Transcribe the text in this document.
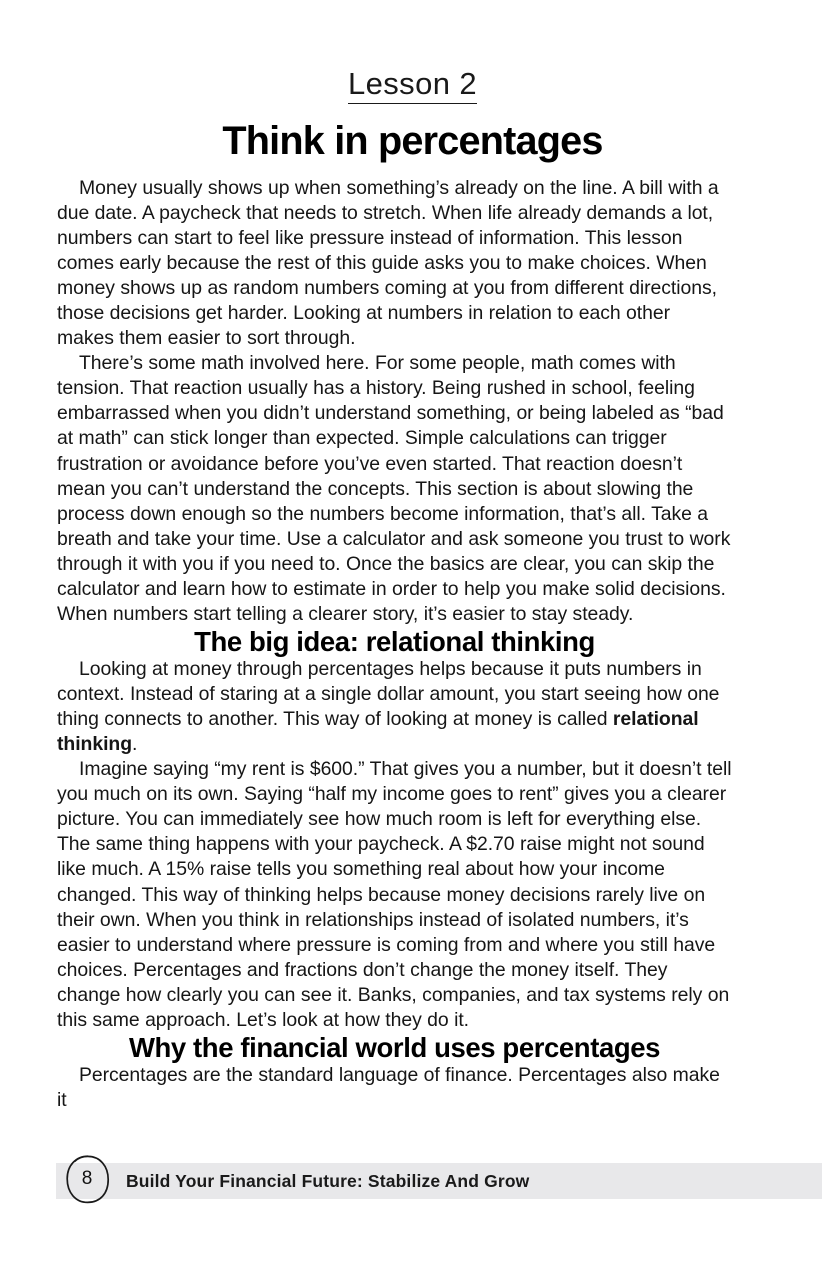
Lesson 2
Think in percentages

Money usually shows up when something’s already on the line. A bill with a due date. A paycheck that needs to stretch. When life already demands a lot, numbers can start to feel like pressure instead of information. This lesson comes early because the rest of this guide asks you to make choices. When money shows up as random numbers coming at you from different directions, those decisions get harder. Looking at numbers in relation to each other makes them easier to sort through.

There’s some math involved here. For some people, math comes with tension. That reaction usually has a history. Being rushed in school, feeling embarrassed when you didn’t understand something, or being labeled as “bad at math” can stick longer than expected. Simple calculations can trigger frustration or avoidance before you’ve even started. That reaction doesn’t mean you can’t understand the concepts. This section is about slowing the process down enough so the numbers become information, that’s all. Take a breath and take your time. Use a calculator and ask someone you trust to work through it with you if you need to. Once the basics are clear, you can skip the calculator and learn how to estimate in order to help you make solid decisions. When numbers start telling a clearer story, it’s easier to stay steady.

The big idea: relational thinking

Looking at money through percentages helps because it puts numbers in context. Instead of staring at a single dollar amount, you start seeing how one thing connects to another. This way of looking at money is called relational thinking.

Imagine saying “my rent is $600.” That gives you a number, but it doesn’t tell you much on its own. Saying “half my income goes to rent” gives you a clearer picture. You can immediately see how much room is left for everything else. The same thing happens with your paycheck. A $2.70 raise might not sound like much. A 15% raise tells you something real about how your income changed. This way of thinking helps because money decisions rarely live on their own. When you think in relationships instead of isolated numbers, it’s easier to understand where pressure is coming from and where you still have choices. Percentages and fractions don’t change the money itself. They change how clearly you can see it. Banks, companies, and tax systems rely on this same approach. Let’s look at how they do it.

Why the financial world uses percentages

Percentages are the standard language of finance. Percentages also make it

Build Your Financial Future: Stabilize And Grow
8
